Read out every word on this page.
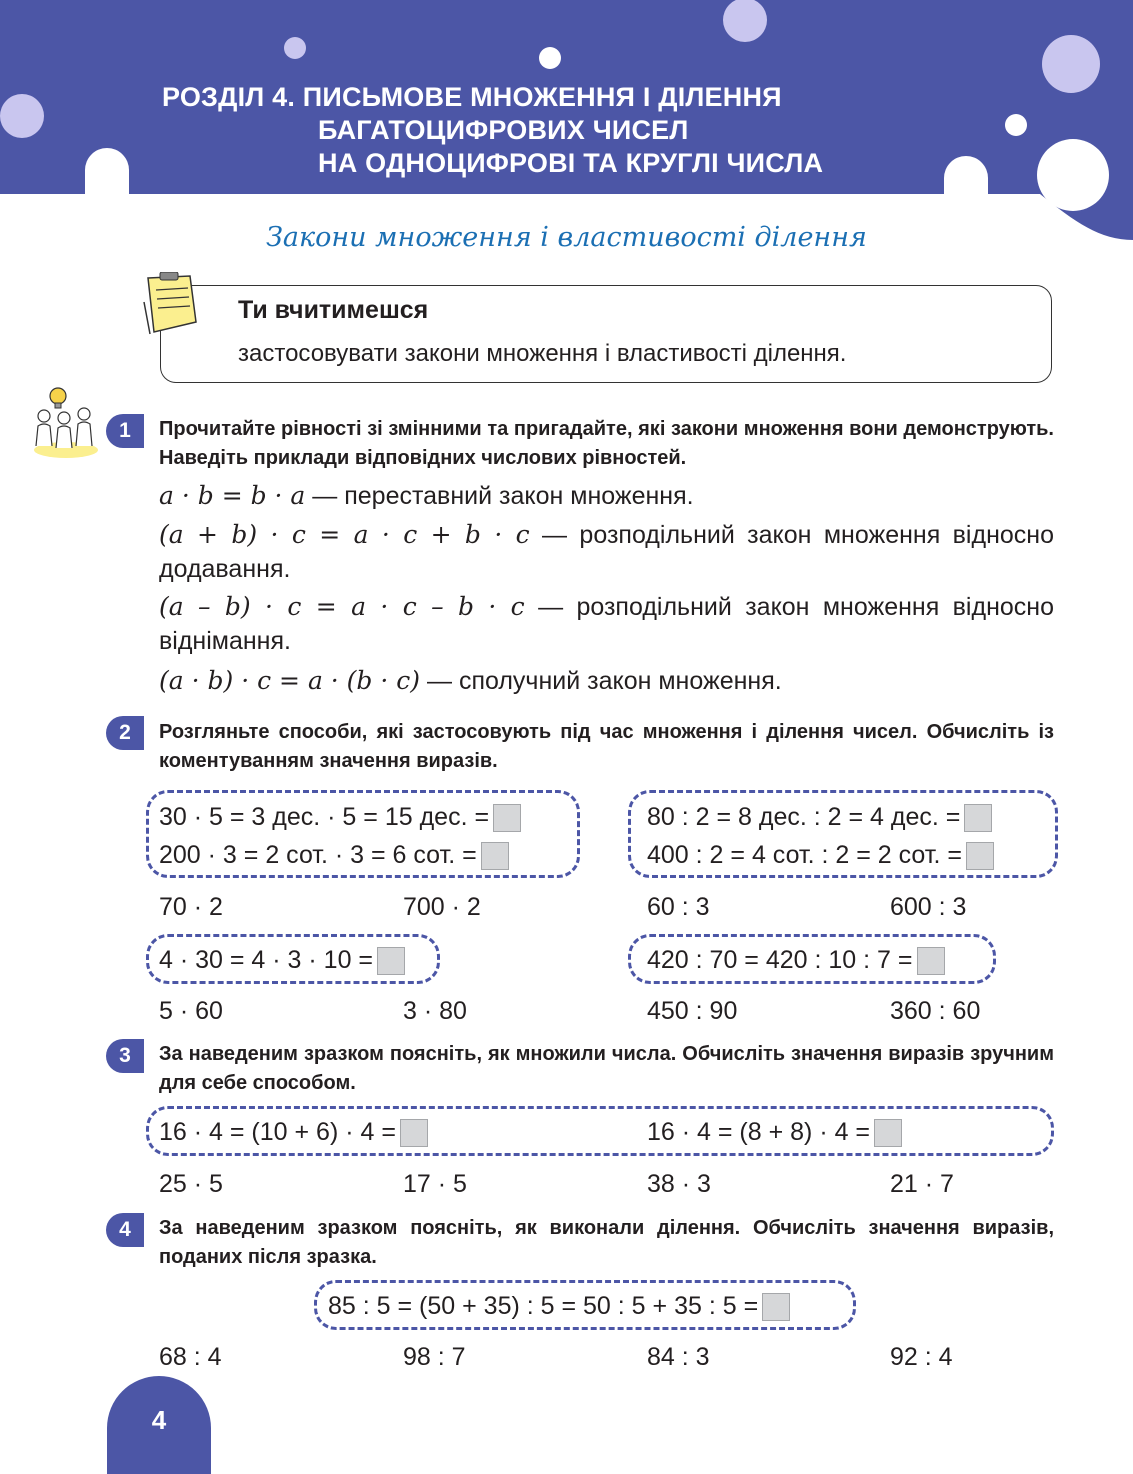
РОЗДІЛ 4. ПИСЬМОВЕ МНОЖЕННЯ І ДІЛЕННЯ
БАГАТОЦИФРОВИХ ЧИСЕЛ
НА ОДНОЦИФРОВІ ТА КРУГЛІ ЧИСЛА
Закони множення і властивості ділення
Ти вчитимешся
застосовувати закони множення і властивості ділення.
1	Прочитайте рівності зі змінними та пригадайте, які закони множення вони демонструють. Наведіть приклади відповідних числових рівностей.
a · b = b · a — переставний закон множення.
(a + b) · c = a · c + b · c — розподільний закон множення відносно додавання.
(a – b) · c = a · c – b · c — розподільний закон множення відносно віднімання.
(a · b) · c = a · (b · c) — сполучний закон множення.
2	Розгляньте способи, які застосовують під час множення і ділення чисел. Обчисліть із коментуванням значення виразів.
30 · 5 = 3 дес. · 5 = 15 дес. =
200 · 3 = 2 сот. · 3 = 6 сот. =
80 : 2 = 8 дес. : 2 = 4 дес. =
400 : 2 = 4 сот. : 2 = 2 сот. =
70 · 2	700 · 2	60 : 3	600 : 3
4 · 30 = 4 · 3 · 10 =	420 : 70 = 420 : 10 : 7 =
5 · 60	3 · 80	450 : 90	360 : 60
3	За наведеним зразком поясніть, як множили числа. Обчисліть значення виразів зручним для себе способом.
16 · 4 = (10 + 6) · 4 =	16 · 4 = (8 + 8) · 4 =
25 · 5	17 · 5	38 · 3	21 · 7
4	За наведеним зразком поясніть, як виконали ділення. Обчисліть значення виразів, поданих після зразка.
85 : 5 = (50 + 35) : 5 = 50 : 5 + 35 : 5 =
68 : 4	98 : 7	84 : 3	92 : 4
4
